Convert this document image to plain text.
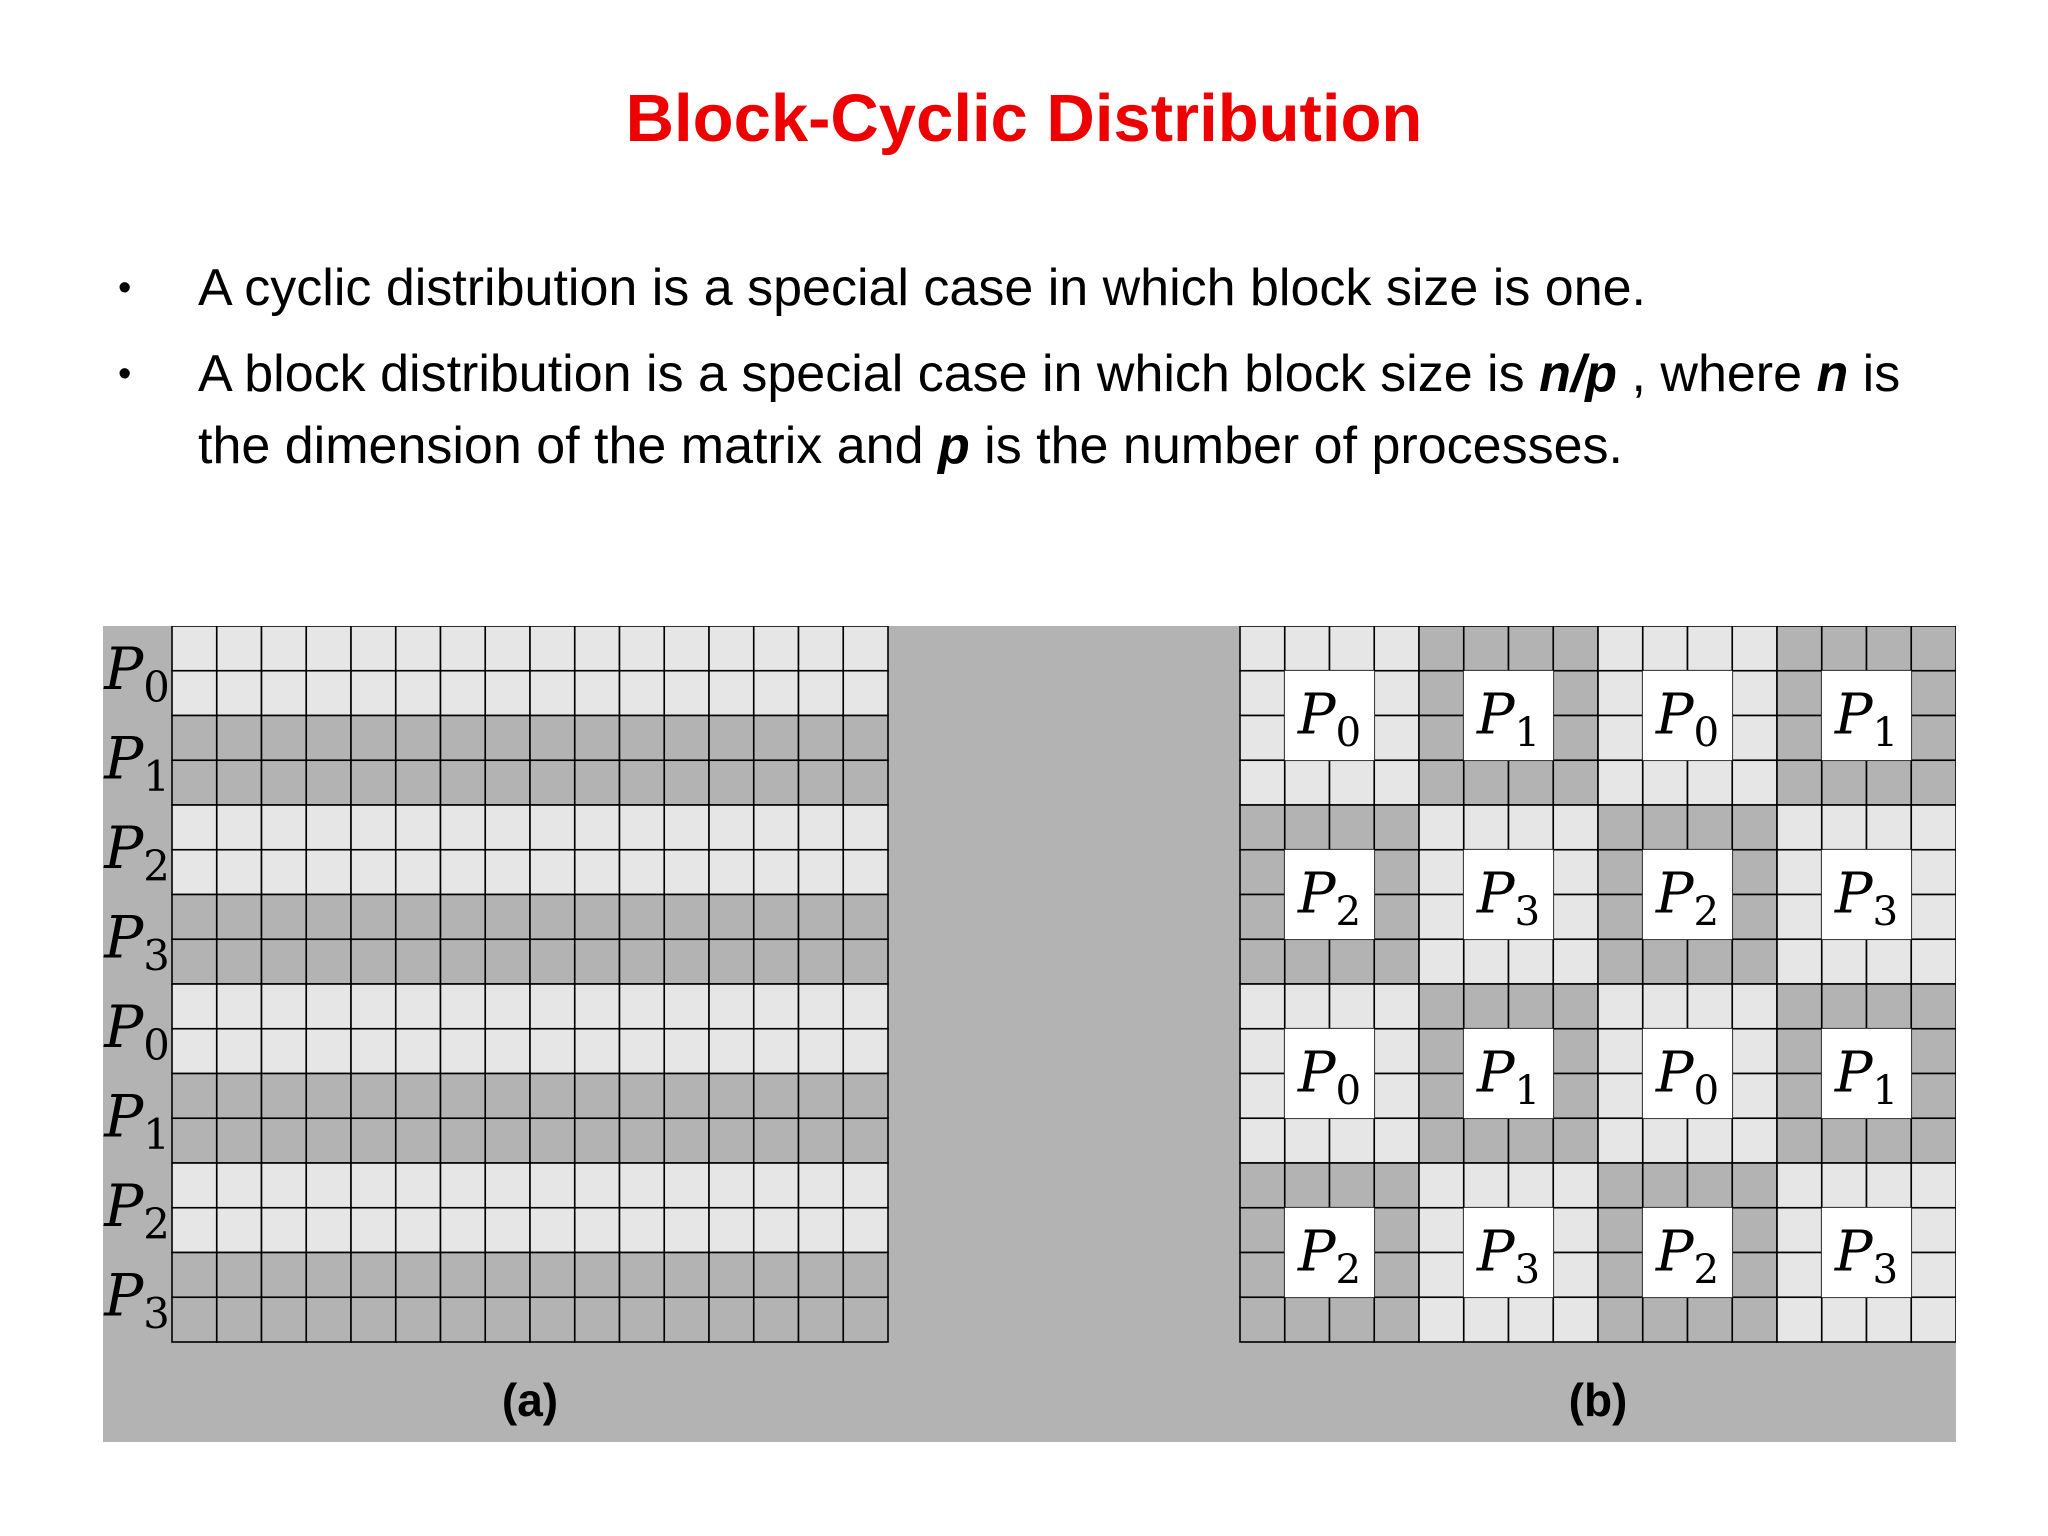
Block-Cyclic Distribution
•	A cyclic distribution is a special case in which block size is one.
•	A block distribution is a special case in which block size is n/p , where n is the dimension of the matrix and p is the number of processes.
$P_0$
$P_1$
$P_2$
$P_3$
$P_0$
$P_1$
$P_2$
$P_3$
(a)
$P_0$ $P_1$ $P_0$ $P_1$
$P_2$ $P_3$ $P_2$ $P_3$
$P_0$ $P_1$ $P_0$ $P_1$
$P_2$ $P_3$ $P_2$ $P_3$
(b)
